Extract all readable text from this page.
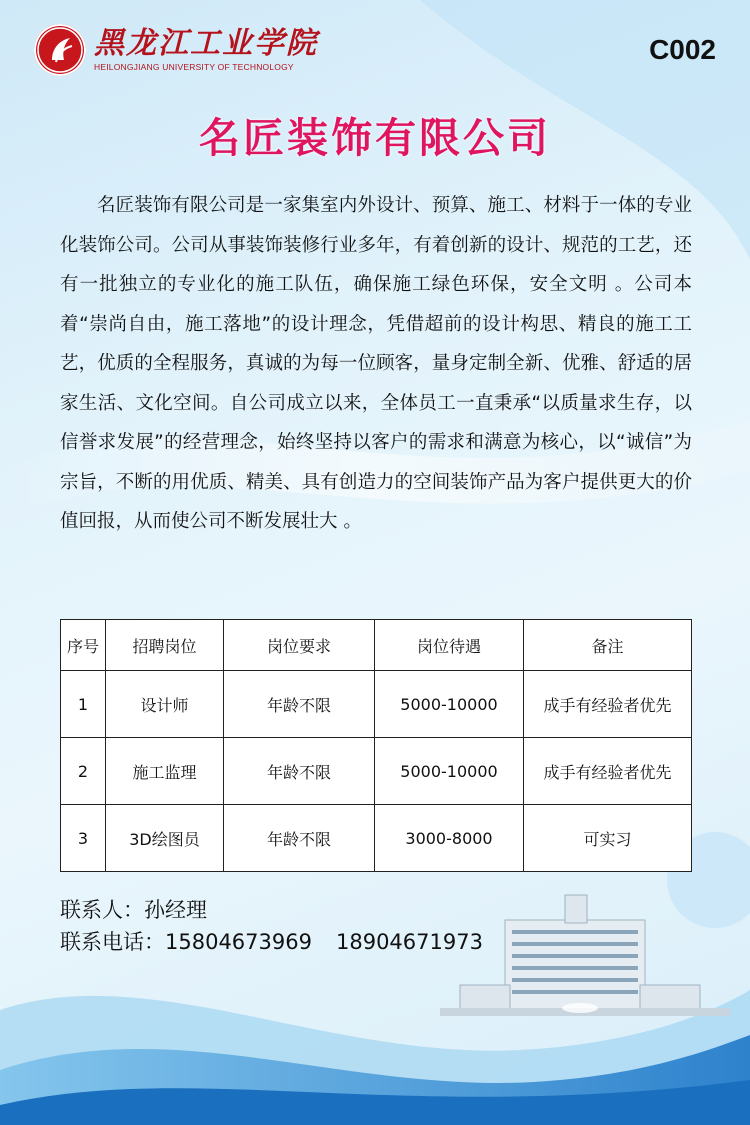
黑龙江工业学院
HEILONGJIANG UNIVERSITY OF TECHNOLOGY
C002
名匠装饰有限公司

名匠装饰有限公司是一家集室内外设计、预算、施工、材料于一体的专业化装饰公司。公司从事装饰装修行业多年，有着创新的设计、规范的工艺，还有一批独立的专业化的施工队伍，确保施工绿色环保，安全文明 。公司本着“崇尚自由，施工落地”的设计理念，凭借超前的设计构思、精良的施工工艺，优质的全程服务，真诚的为每一位顾客，量身定制全新、优雅、舒适的居家生活、文化空间。自公司成立以来，全体员工一直秉承“以质量求生存，以信誉求发展”的经营理念，始终坚持以客户的需求和满意为核心，以“诚信”为宗旨，不断的用优质、精美、具有创造力的空间装饰产品为客户提供更大的价值回报，从而使公司不断发展壮大 。

序号	招聘岗位	岗位要求	岗位待遇	备注
1	设计师	年龄不限	5000-10000	成手有经验者优先
2	施工监理	年龄不限	5000-10000	成手有经验者优先
3	3D绘图员	年龄不限	3000-8000	可实习
联系人：孙经理
联系电话：15804673969 18904671973
